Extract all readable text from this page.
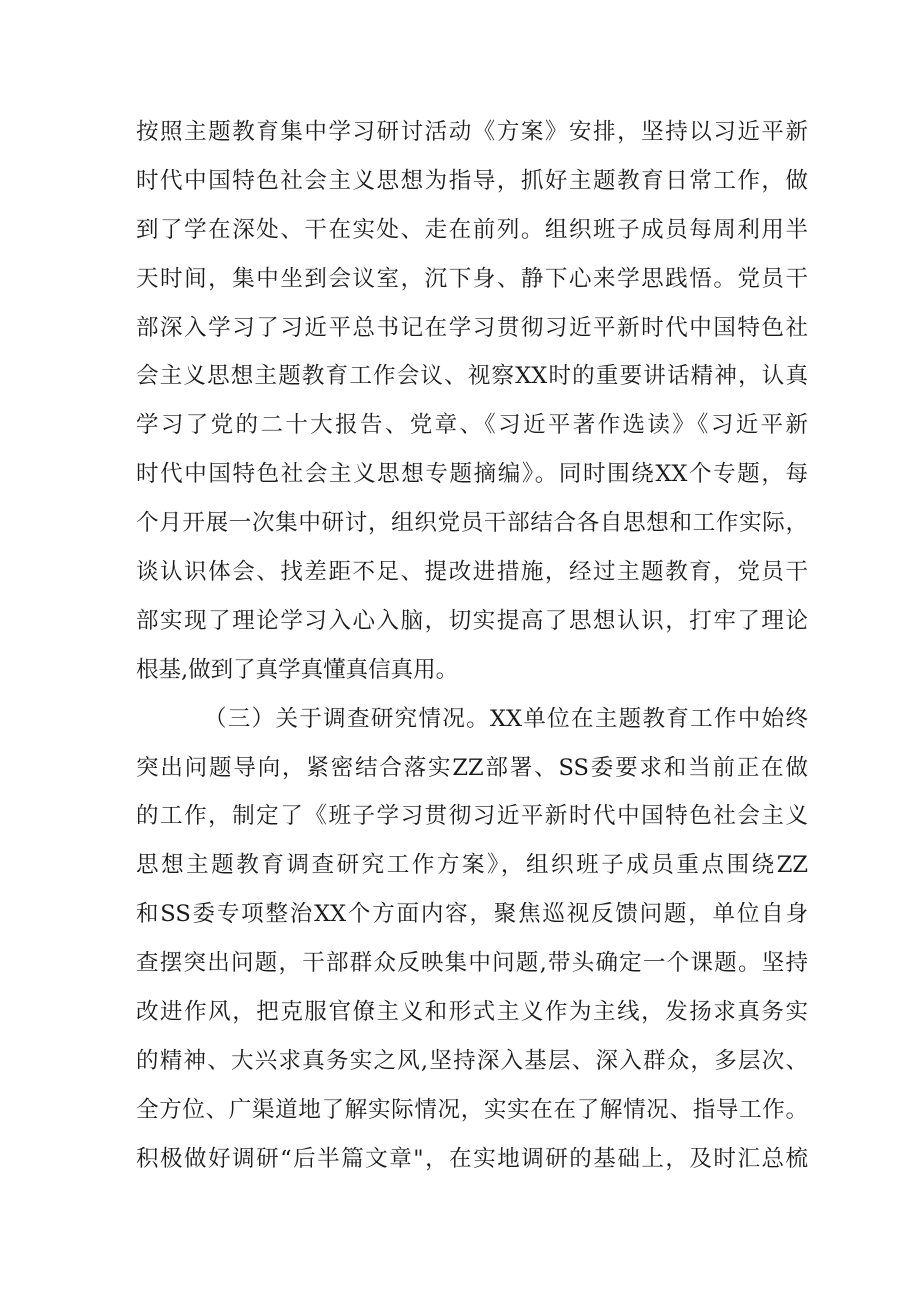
按照主题教育集中学习研讨活动《方案》安排，坚持以习近平新
时代中国特色社会主义思想为指导，抓好主题教育日常工作，做
到了学在深处、干在实处、走在前列。组织班子成员每周利用半
天时间，集中坐到会议室，沉下身、静下心来学思践悟。党员干
部深入学习了习近平总书记在学习贯彻习近平新时代中国特色社
会主义思想主题教育工作会议、视察XX时的重要讲话精神，认真
学习了党的二十大报告、党章、《习近平著作选读》《习近平新
时代中国特色社会主义思想专题摘编》。同时围绕XX个专题，每
个月开展一次集中研讨，组织党员干部结合各自思想和工作实际，
谈认识体会、找差距不足、提改进措施，经过主题教育，党员干
部实现了理论学习入心入脑，切实提高了思想认识，打牢了理论
根基,做到了真学真懂真信真用。
（三）关于调查研究情况。XX单位在主题教育工作中始终
突出问题导向，紧密结合落实ZZ部署、SS委要求和当前正在做
的工作，制定了《班子学习贯彻习近平新时代中国特色社会主义
思想主题教育调查研究工作方案》，组织班子成员重点围绕ZZ
和SS委专项整治XX个方面内容，聚焦巡视反馈问题，单位自身
查摆突出问题，干部群众反映集中问题,带头确定一个课题。坚持
改进作风，把克服官僚主义和形式主义作为主线，发扬求真务实
的精神、大兴求真务实之风,坚持深入基层、深入群众，多层次、
全方位、广渠道地了解实际情况，实实在在了解情况、指导工作。
积极做好调研“后半篇文章"，在实地调研的基础上，及时汇总梳
